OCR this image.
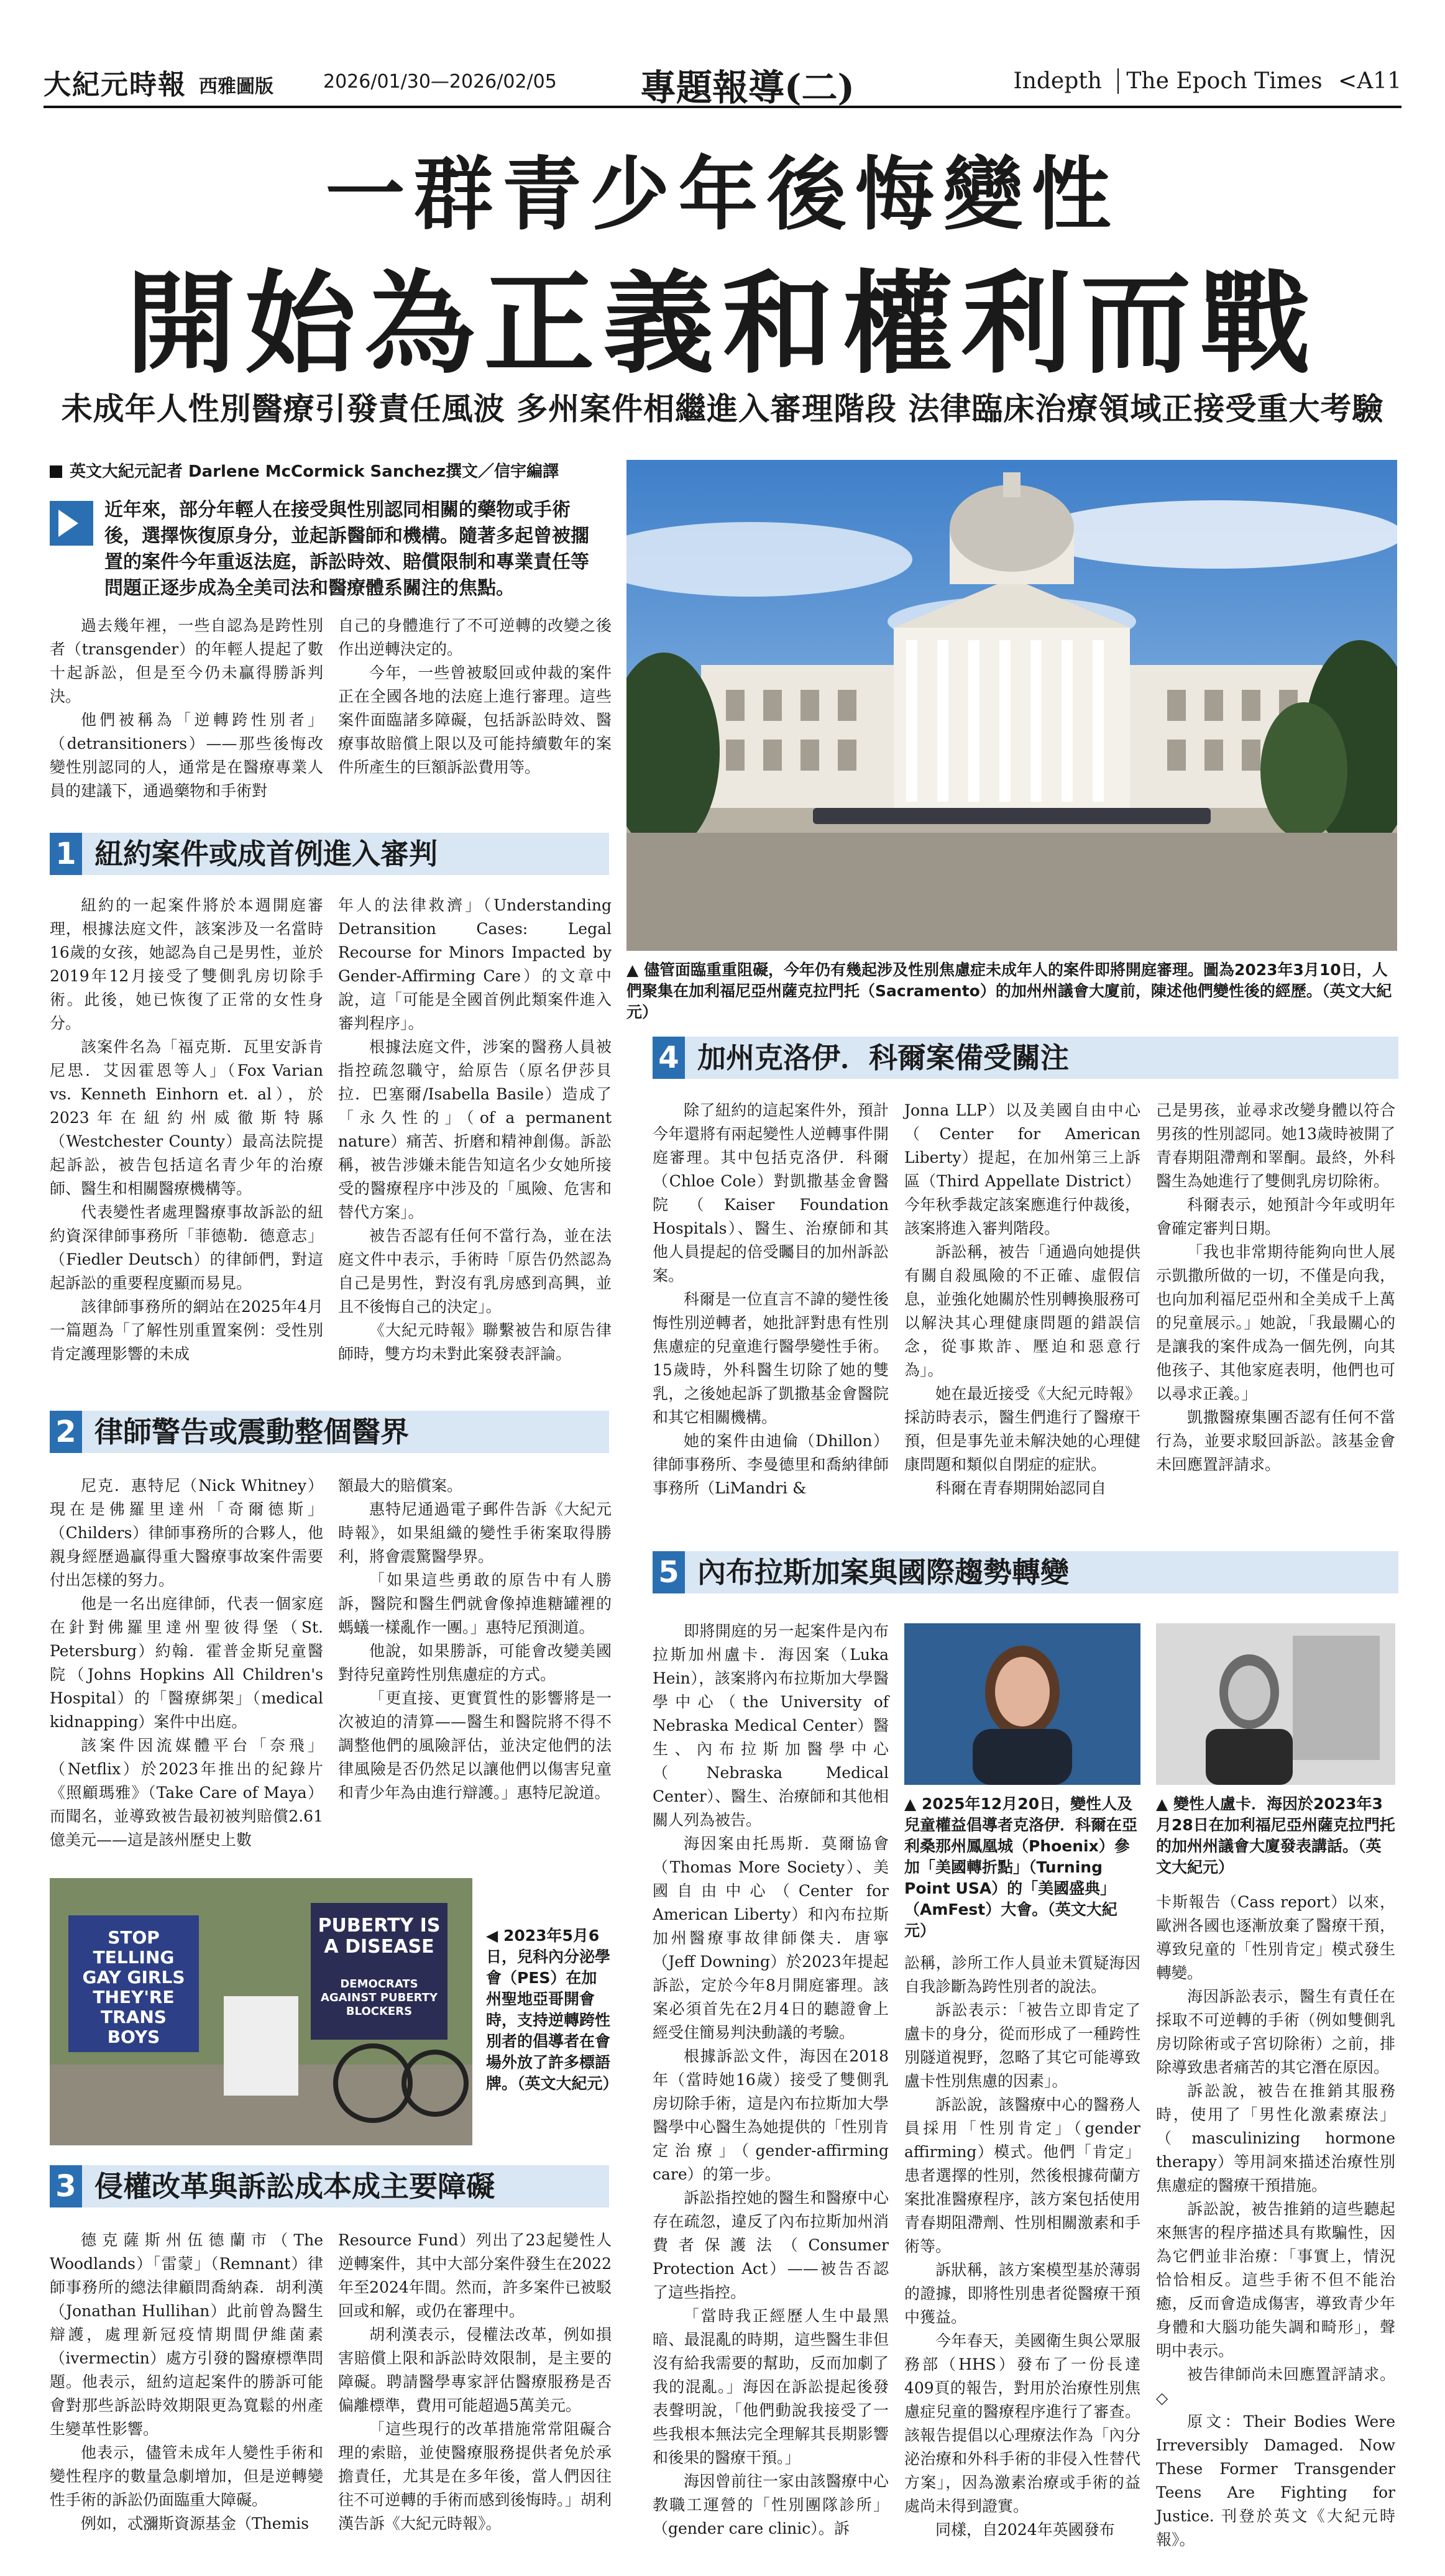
大紀元時報 西雅圖版	2026/01/30—2026/02/05 專題報導(二)	Indepth The Epoch Times <A11
一群青少年後悔變性
開始為正義和權利而戰
未成年人性別醫療引發責任風波 多州案件相繼進入審理階段 法律臨床治療領域正接受重大考驗
英文大紀元記者 Darlene McCormick Sanchez撰文／信宇編譯
近年來，部分年輕人在接受與性別認同相關的藥物或手術後，選擇恢復原身分，並起訴醫師和機構。隨著多起曾被擱置的案件今年重返法庭，訴訟時效、賠償限制和專業責任等問題正逐步成為全美司法和醫療體系關注的焦點。

過去幾年裡，一些自認為是跨性別者（transgender）的年輕人提起了數十起訴訟，但是至今仍未贏得勝訴判決。

他們被稱為「逆轉跨性別者」（detransitioners）——那些後悔改變性別認同的人，通常是在醫療專業人員的建議下，通過藥物和手術對

自己的身體進行了不可逆轉的改變之後作出逆轉決定的。

今年，一些曾被駁回或仲裁的案件正在全國各地的法庭上進行審理。這些案件面臨諸多障礙，包括訴訟時效、醫療事故賠償上限以及可能持續數年的案件所產生的巨額訴訟費用等。

▲ 儘管面臨重重阻礙，今年仍有幾起涉及性別焦慮症未成年人的案件即將開庭審理。圖為2023年3月10日，人們聚集在加利福尼亞州薩克拉門托（Sacramento）的加州州議會大廈前，陳述他們變性後的經歷。（英文大紀元）
1 紐約案件或成首例進入審判

紐約的一起案件將於本週開庭審理，根據法庭文件，該案涉及一名當時16歲的女孩，她認為自己是男性，並於2019年12月接受了雙側乳房切除手術。此後，她已恢復了正常的女性身分。

該案件名為「福克斯．瓦里安訴肯尼思．艾因霍恩等人」（Fox Varian vs. Kenneth Einhorn et. al），於2023年在紐約州威徹斯特縣（Westchester County）最高法院提起訴訟，被告包括這名青少年的治療師、醫生和相關醫療機構等。

代表變性者處理醫療事故訴訟的紐約資深律師事務所「菲德勒．德意志」（Fiedler Deutsch）的律師們，對這起訴訟的重要程度顯而易見。

該律師事務所的網站在2025年4月一篇題為「了解性別重置案例：受性別肯定護理影響的未成

年人的法律救濟」（Understanding Detransition Cases: Legal Recourse for Minors Impacted by Gender-Affirming Care）的文章中說，這「可能是全國首例此類案件進入審判程序」。

根據法庭文件，涉案的醫務人員被指控疏忽職守，給原告（原名伊莎貝拉．巴塞爾/Isabella Basile）造成了「永久性的」（of a permanent nature）痛苦、折磨和精神創傷。訴訟稱，被告涉嫌未能告知這名少女她所接受的醫療程序中涉及的「風險、危害和替代方案」。

被告否認有任何不當行為，並在法庭文件中表示，手術時「原告仍然認為自己是男性，對沒有乳房感到高興，並且不後悔自己的決定」。

《大紀元時報》聯繫被告和原告律師時，雙方均未對此案發表評論。

2 律師警告或震動整個醫界

尼克．惠特尼（Nick Whitney）現在是佛羅里達州「奇爾德斯」（Childers）律師事務所的合夥人，他親身經歷過贏得重大醫療事故案件需要付出怎樣的努力。

他是一名出庭律師，代表一個家庭在針對佛羅里達州聖彼得堡（St. Petersburg）約翰．霍普金斯兒童醫院（Johns Hopkins All Children's Hospital）的「醫療綁架」（medical kidnapping）案件中出庭。

該案件因流媒體平台「奈飛」（Netflix）於2023年推出的紀錄片《照顧瑪雅》（Take Care of Maya）而聞名，並導致被告最初被判賠償2.61億美元——這是該州歷史上數

額最大的賠償案。

惠特尼通過電子郵件告訴《大紀元時報》，如果組織的變性手術案取得勝利，將會震驚醫學界。

「如果這些勇敢的原告中有人勝訴，醫院和醫生們就會像掉進糖罐裡的螞蟻一樣亂作一團。」惠特尼預測道。

他說，如果勝訴，可能會改變美國對待兒童跨性別焦慮症的方式。

「更直接、更實質性的影響將是一次被迫的清算——醫生和醫院將不得不調整他們的風險評估，並決定他們的法律風險是否仍然足以讓他們以傷害兒童和青少年為由進行辯護。」惠特尼說道。

STOP TELLING GAY GIRLS THEY'RE TRANS BOYS
PUBERTY IS A DISEASE
DEMOCRATS AGAINST PUBERTY BLOCKERS
◀ 2023年5月6日，兒科內分泌學會（PES）在加州聖地亞哥開會時，支持逆轉跨性別者的倡導者在會場外放了許多標語牌。（英文大紀元）
3 侵權改革與訴訟成本成主要障礙

德克薩斯州伍德蘭市（The Woodlands）「雷蒙」（Remnant）律師事務所的總法律顧問喬納森．胡利漢（Jonathan Hullihan）此前曾為醫生辯護，處理新冠疫情期間伊維菌素（ivermectin）處方引發的醫療標準問題。他表示，紐約這起案件的勝訴可能會對那些訴訟時效期限更為寬鬆的州產生變革性影響。

他表示，儘管未成年人變性手術和變性程序的數量急劇增加，但是逆轉變性手術的訴訟仍面臨重大障礙。

例如，忒瀰斯資源基金（Themis

Resource Fund）列出了23起變性人逆轉案件，其中大部分案件發生在2022年至2024年間。然而，許多案件已被駁回或和解，或仍在審理中。

胡利漢表示，侵權法改革，例如損害賠償上限和訴訟時效限制，是主要的障礙。聘請醫學專家評估醫療服務是否偏離標準，費用可能超過5萬美元。

「這些現行的改革措施常常阻礙合理的索賠，並使醫療服務提供者免於承擔責任，尤其是在多年後，當人們因往往不可逆轉的手術而感到後悔時。」胡利漢告訴《大紀元時報》。

4 加州克洛伊．科爾案備受關注

除了紐約的這起案件外，預計今年還將有兩起變性人逆轉事件開庭審理。其中包括克洛伊．科爾（Chloe Cole）對凱撒基金會醫院（Kaiser Foundation Hospitals）、醫生、治療師和其他人員提起的倍受矚目的加州訴訟案。

科爾是一位直言不諱的變性後悔性別逆轉者，她批評對患有性別焦慮症的兒童進行醫學變性手術。15歲時，外科醫生切除了她的雙乳，之後她起訴了凱撒基金會醫院和其它相關機構。

她的案件由迪倫（Dhillon）律師事務所、李曼德里和喬納律師事務所（LiMandri &

Jonna LLP）以及美國自由中心（Center for American Liberty）提起，在加州第三上訴區（Third Appellate District）今年秋季裁定該案應進行仲裁後，該案將進入審判階段。

訴訟稱，被告「通過向她提供有關自殺風險的不正確、虛假信息，並強化她關於性別轉換服務可以解決其心理健康問題的錯誤信念，從事欺詐、壓迫和惡意行為」。

她在最近接受《大紀元時報》採訪時表示，醫生們進行了醫療干預，但是事先並未解決她的心理健康問題和類似自閉症的症狀。

科爾在青春期開始認同自

己是男孩，並尋求改變身體以符合男孩的性別認同。她13歲時被開了青春期阻滯劑和睪酮。最終，外科醫生為她進行了雙側乳房切除術。

科爾表示，她預計今年或明年會確定審判日期。

「我也非常期待能夠向世人展示凱撒所做的一切，不僅是向我，也向加利福尼亞州和全美成千上萬的兒童展示。」她說，「我最關心的是讓我的案件成為一個先例，向其他孩子、其他家庭表明，他們也可以尋求正義。」

凱撒醫療集團否認有任何不當行為，並要求駁回訴訟。該基金會未回應置評請求。

5 內布拉斯加案與國際趨勢轉變

即將開庭的另一起案件是內布拉斯加州盧卡．海因案（Luka Hein），該案將內布拉斯加大學醫學中心（the University of Nebraska Medical Center）醫生、內布拉斯加醫學中心（Nebraska Medical Center）、醫生、治療師和其他相關人列為被告。

海因案由托馬斯．莫爾協會（Thomas More Society）、美國自由中心（Center for American Liberty）和內布拉斯加州醫療事故律師傑夫．唐寧（Jeff Downing）於2023年提起訴訟，定於今年8月開庭審理。該案必須首先在2月4日的聽證會上經受住簡易判決動議的考驗。

根據訴訟文件，海因在2018年（當時她16歲）接受了雙側乳房切除手術，這是內布拉斯加大學醫學中心醫生為她提供的「性別肯定治療」（gender-affirming care）的第一步。

訴訟指控她的醫生和醫療中心存在疏忽，違反了內布拉斯加州消費者保護法（Consumer Protection Act）——被告否認了這些指控。

「當時我正經歷人生中最黑暗、最混亂的時期，這些醫生非但沒有給我需要的幫助，反而加劇了我的混亂。」海因在訴訟提起後發表聲明說，「他們動說我接受了一些我根本無法完全理解其長期影響和後果的醫療干預。」

海因曾前往一家由該醫療中心教職工運營的「性別團隊診所」（gender care clinic）。訴

▲ 2025年12月20日，變性人及兒童權益倡導者克洛伊．科爾在亞利桑那州鳳凰城（Phoenix）參加「美國轉折點」（Turning Point USA）的「美國盛典」（AmFest）大會。（英文大紀元）
▲ 變性人盧卡．海因於2023年3月28日在加利福尼亞州薩克拉門托的加州州議會大廈發表講話。（英文大紀元）

訟稱，診所工作人員並未質疑海因自我診斷為跨性別者的說法。

訴訟表示：「被告立即肯定了盧卡的身分，從而形成了一種跨性別隧道視野，忽略了其它可能導致盧卡性別焦慮的因素」。

訴訟說，該醫療中心的醫務人員採用「性別肯定」（gender affirming）模式。他們「肯定」患者選擇的性別，然後根據荷蘭方案批准醫療程序，該方案包括使用青春期阻滯劑、性別相關激素和手術等。

訴狀稱，該方案模型基於薄弱的證據，即將性別患者從醫療干預中獲益。

今年春天，美國衛生與公眾服務部（HHS）發布了一份長達409頁的報告，對用於治療性別焦慮症兒童的醫療程序進行了審查。該報告提倡以心理療法作為「內分泌治療和外科手術的非侵入性替代方案」，因為激素治療或手術的益處尚未得到證實。

同樣，自2024年英國發布

卡斯報告（Cass report）以來，歐洲各國也逐漸放棄了醫療干預，導致兒童的「性別肯定」模式發生轉變。

海因訴訟表示，醫生有責任在採取不可逆轉的手術（例如雙側乳房切除術或子宮切除術）之前，排除導致患者痛苦的其它潛在原因。

訴訟說，被告在推銷其服務時，使用了「男性化激素療法」（masculinizing hormone therapy）等用詞來描述治療性別焦慮症的醫療干預措施。

訴訟說，被告推銷的這些聽起來無害的程序描述具有欺騙性，因為它們並非治療：「事實上，情況恰恰相反。這些手術不但不能治癒，反而會造成傷害，導致青少年身體和大腦功能失調和畸形」，聲明中表示。

被告律師尚未回應置評請求。◇

原文：Their Bodies Were Irreversibly Damaged. Now These Former Transgender Teens Are Fighting for Justice. 刊登於英文《大紀元時報》。
